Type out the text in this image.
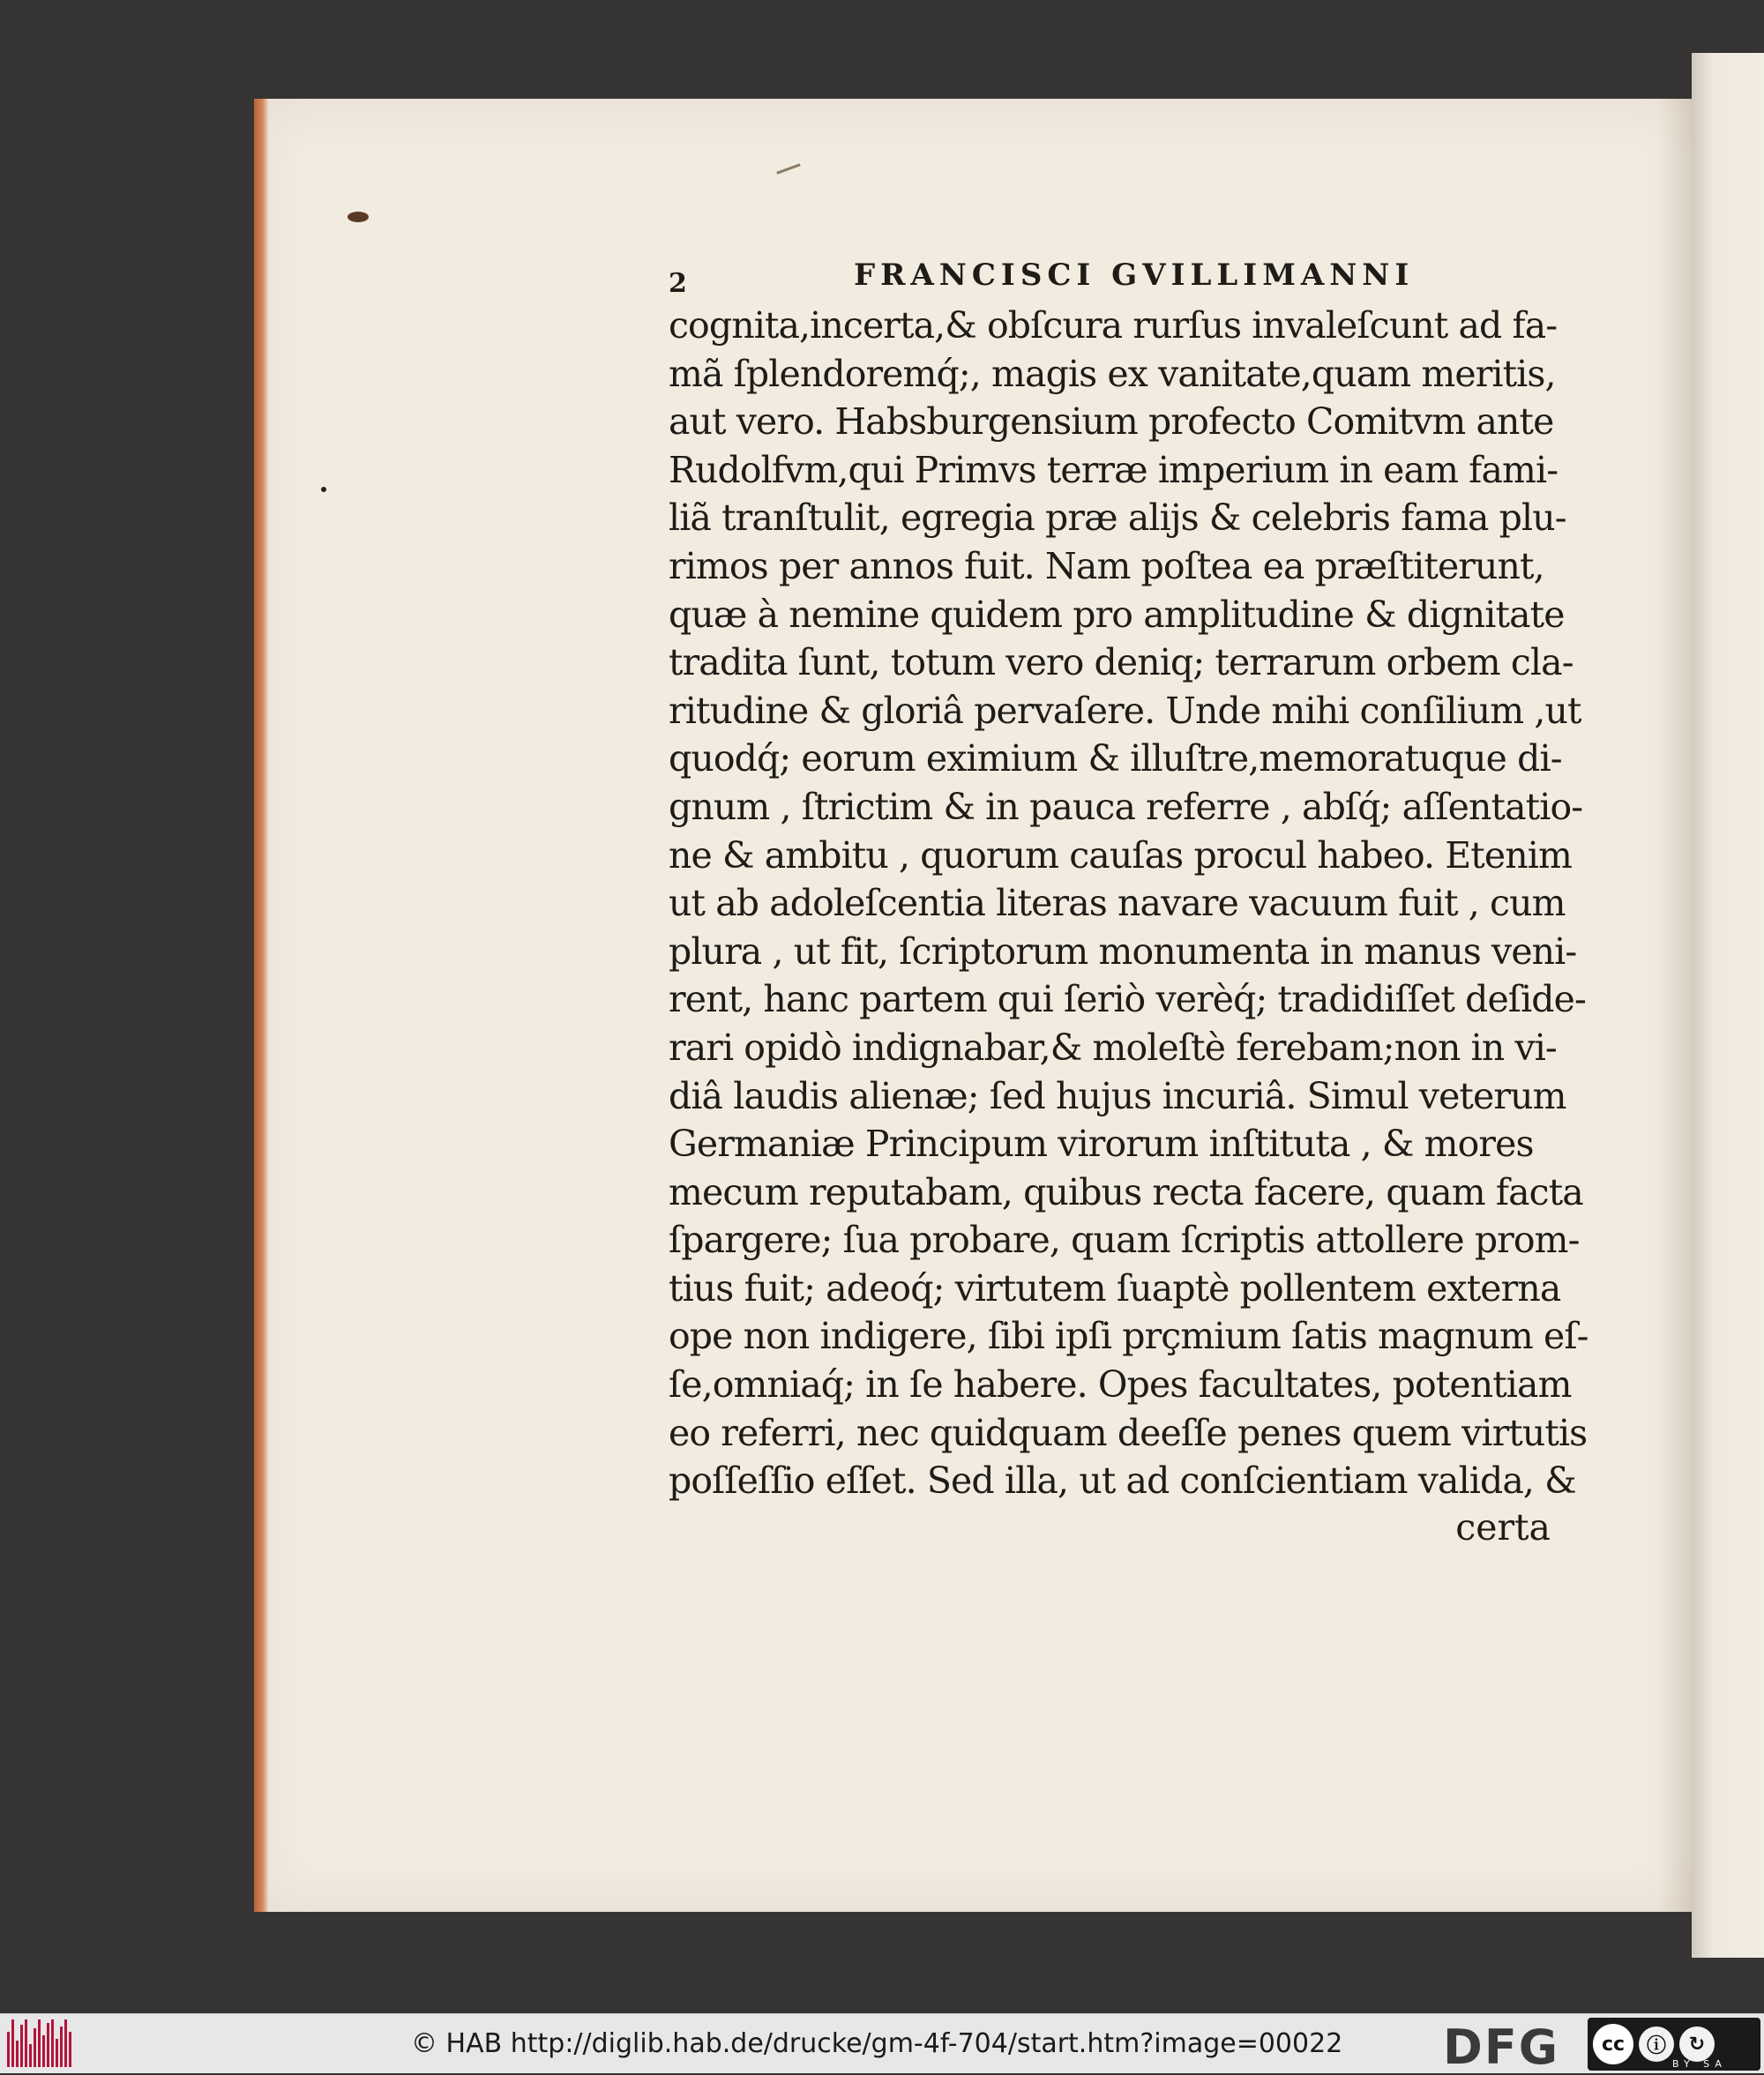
2	FRANCISCI GVILLIMANNI
cognita,incerta,& obſcura rurſus invaleſcunt ad fa-
mã ſplendoremq́;, magis ex vanitate,quam meritis,
aut vero. Habsburgensium profecto Comitvm ante
Rudolfvm,qui Primvs terræ imperium in eam fami-
liã tranſtulit, egregia præ alijs & celebris fama plu-
rimos per annos fuit. Nam poſtea ea præſtiterunt,
quæ à nemine quidem pro amplitudine & dignitate
tradita ſunt, totum vero deniq; terrarum orbem cla-
ritudine & gloriâ pervaſere. Unde mihi conſilium ,ut
quodq́; eorum eximium & illuſtre,memoratuque di-
gnum , ſtrictim & in pauca referre , abſq́; aſſentatio-
ne & ambitu , quorum cauſas procul habeo. Etenim
ut ab adoleſcentia literas navare vacuum fuit , cum
plura , ut fit, ſcriptorum monumenta in manus veni-
rent, hanc partem qui ſeriò verèq́; tradidiſſet deſide-
rari opidò indignabar,& moleſtè ferebam;non in vi-
diâ laudis alienæ; ſed hujus incuriâ. Simul veterum
Germaniæ Principum virorum inſtituta , & mores
mecum reputabam, quibus recta facere, quam facta
ſpargere; ſua probare, quam ſcriptis attollere prom-
tius fuit; adeoq́; virtutem ſuaptè pollentem externa
ope non indigere, ſibi ipſi prçmium ſatis magnum eſ-
ſe,omniaq́; in ſe habere. Opes facultates, potentiam
eo referri, nec quidquam deeſſe penes quem virtutis
poſſeſſio eſſet. Sed illa, ut ad conſcientiam valida, &
certa
© HAB http://diglib.hab.de/drucke/gm-4f-704/start.htm?image=00022 DFG	cc	ⓘ	↻
BY SA
